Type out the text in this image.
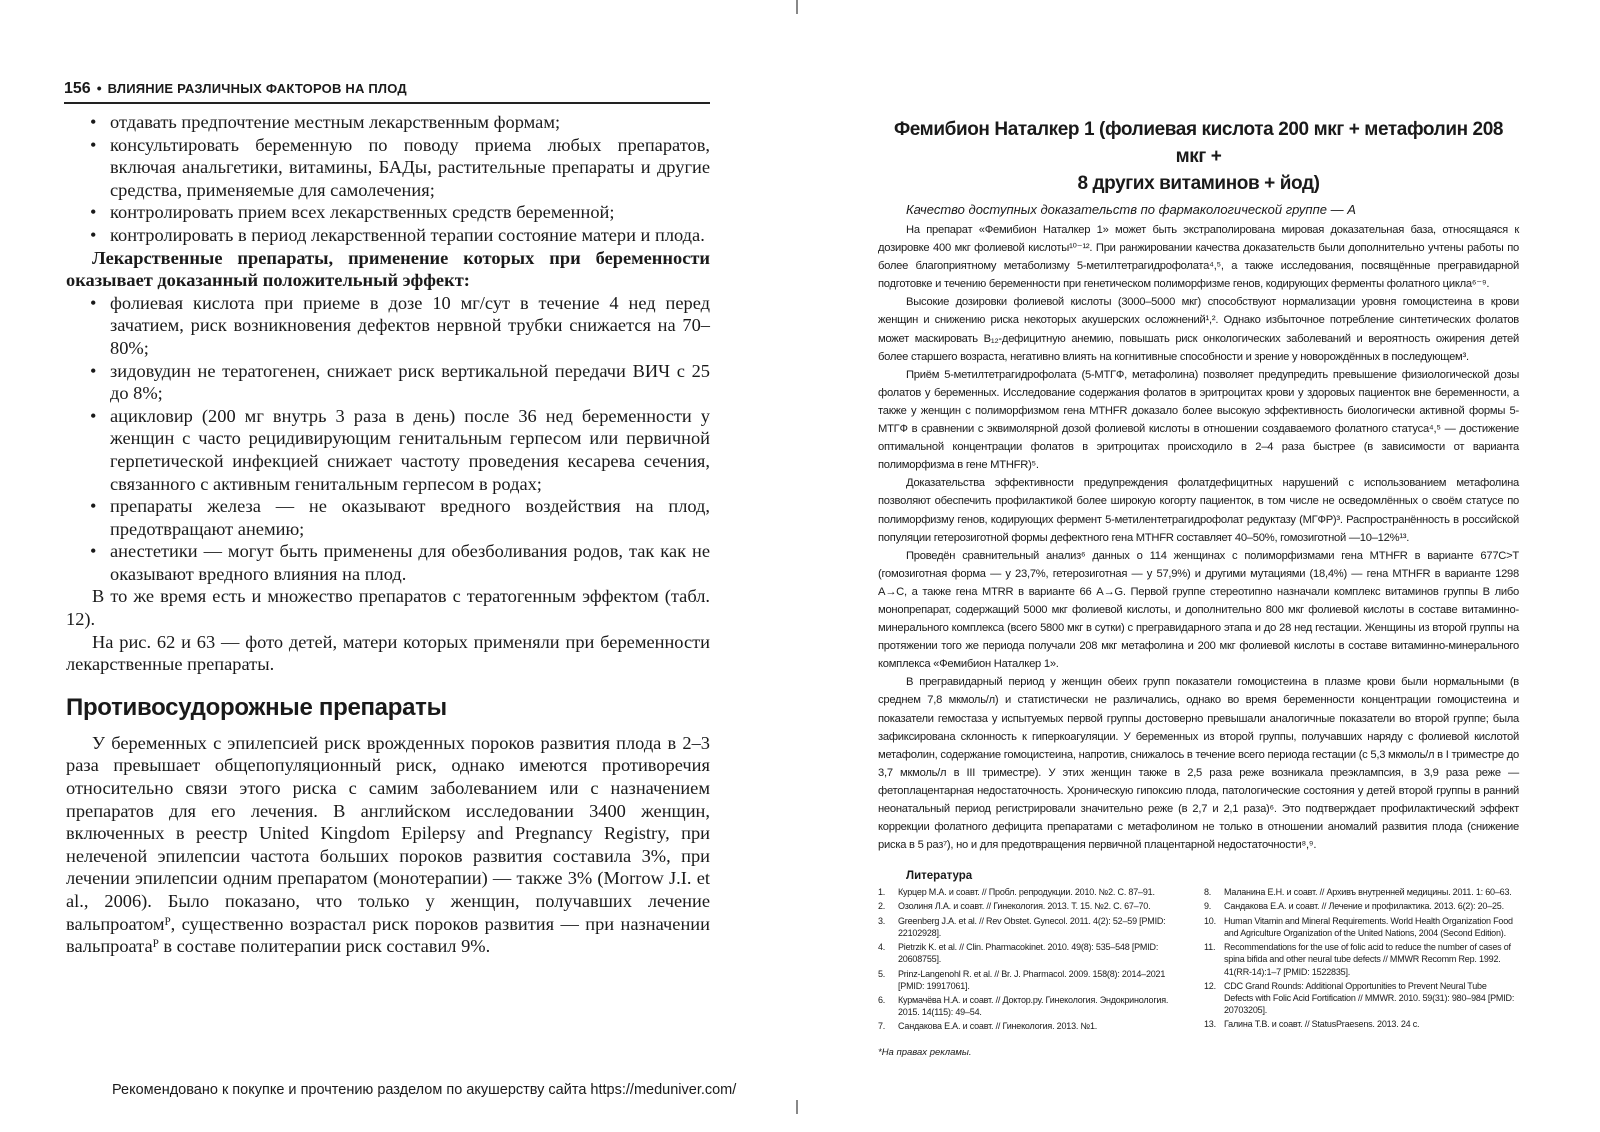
156 • ВЛИЯНИЕ РАЗЛИЧНЫХ ФАКТОРОВ НА ПЛОД
• отдавать предпочтение местным лекарственным формам;
• консультировать беременную по поводу приема любых препаратов, включая анальгетики, витамины, БАДы, растительные препараты и другие средства, применяемые для самолечения;
• контролировать прием всех лекарственных средств беременной;
• контролировать в период лекарственной терапии состояние матери и плода.

Лекарственные препараты, применение которых при беременности оказывает доказанный положительный эффект:

• фолиевая кислота при приеме в дозе 10 мг/сут в течение 4 нед перед зачатием, риск возникновения дефектов нервной трубки снижается на 70–80%;
• зидовудин не тератогенен, снижает риск вертикальной передачи ВИЧ с 25 до 8%;
• ацикловир (200 мг внутрь 3 раза в день) после 36 нед беременности у женщин с часто рецидивирующим генитальным герпесом или первичной герпетической инфекцией снижает частоту проведения кесарева сечения, связанного с активным генитальным герпесом в родах;
• препараты железа — не оказывают вредного воздействия на плод, предотвращают анемию;
• анестетики — могут быть применены для обезболивания родов, так как не оказывают вредного влияния на плод.

В то же время есть и множество препаратов с тератогенным эффектом (табл. 12).

На рис. 62 и 63 — фото детей, матери которых применяли при беременности лекарственные препараты.

Противосудорожные препараты

У беременных с эпилепсией риск врожденных пороков развития плода в 2–3 раза превышает общепопуляционный риск, однако имеются противоречия относительно связи этого риска с самим заболеванием или с назначением препаратов для его лечения. В английском исследовании 3400 женщин, включенных в реестр United Kingdom Epilepsy and Pregnancy Registry, при нелеченой эпилепсии частота больших пороков развития составила 3%, при лечении эпилепсии одним препаратом (монотерапии) — также 3% (Morrow J.I. et al., 2006). Было показано, что только у женщин, получавших лечение вальпроатомᴾ, существенно возрастал риск пороков развития — при назначении вальпроатаᴾ в составе политерапии риск составил 9%.

Рекомендовано к покупке и прочтению разделом по акушерству сайта https://meduniver.com/

Фемибион Наталкер 1 (фолиевая кислота 200 мкг + метафолин 208 мкг +
8 других витаминов + йод)

Качество доступных доказательств по фармакологической группе — А

На препарат «Фемибион Наталкер 1» может быть экстраполирована мировая доказательная база, относящаяся к дозировке 400 мкг фолиевой кислоты¹⁰⁻¹². При ранжировании качества доказательств были дополнительно учтены работы по более благоприятному метаболизму 5-метилтетрагидрофолата⁴,⁵, а также исследования, посвящённые прегравидарной подготовке и течению беременности при генетическом полиморфизме генов, кодирующих ферменты фолатного цикла⁶⁻⁹.

Высокие дозировки фолиевой кислоты (3000–5000 мкг) способствуют нормализации уровня гомоцистеина в крови женщин и снижению риска некоторых акушерских осложнений¹,². Однако избыточное потребление синтетических фолатов может маскировать B₁₂-дефицитную анемию, повышать риск онкологических заболеваний и вероятность ожирения детей более старшего возраста, негативно влиять на когнитивные способности и зрение у новорождённых в последующем³.

Приём 5-метилтетрагидрофолата (5-МТГФ, метафолина) позволяет предупредить превышение физиологической дозы фолатов у беременных. Исследование содержания фолатов в эритроцитах крови у здоровых пациенток вне беременности, а также у женщин с полиморфизмом гена MTHFR доказало более высокую эффективность биологически активной формы 5-МТГФ в сравнении с эквимолярной дозой фолиевой кислоты в отношении создаваемого фолатного статуса⁴,⁵ — достижение оптимальной концентрации фолатов в эритроцитах происходило в 2–4 раза быстрее (в зависимости от варианта полиморфизма в гене MTHFR)⁵.

Доказательства эффективности предупреждения фолатдефицитных нарушений с использованием метафолина позволяют обеспечить профилактикой более широкую когорту пациенток, в том числе не осведомлённых о своём статусе по полиморфизму генов, кодирующих фермент 5-метилентетрагидрофолат редуктазу (МГФР)³. Распространённость в российской популяции гетерозиготной формы дефектного гена MTHFR составляет 40–50%, гомозиготной —10–12%¹³.

Проведён сравнительный анализ⁶ данных о 114 женщинах с полиморфизмами гена MTHFR в варианте 677C>T (гомозиготная форма — у 23,7%, гетерозиготная — у 57,9%) и другими мутациями (18,4%) — гена MTHFR в варианте 1298 A→C, а также гена MTRR в варианте 66 A→G. Первой группе стереотипно назначали комплекс витаминов группы B либо монопрепарат, содержащий 5000 мкг фолиевой кислоты, и дополнительно 800 мкг фолиевой кислоты в составе витаминно-минерального комплекса (всего 5800 мкг в сутки) с прегравидарного этапа и до 28 нед гестации. Женщины из второй группы на протяжении того же периода получали 208 мкг метафолина и 200 мкг фолиевой кислоты в составе витаминно-минерального комплекса «Фемибион Наталкер 1».

В прегравидарный период у женщин обеих групп показатели гомоцистеина в плазме крови были нормальными (в среднем 7,8 мкмоль/л) и статистически не различались, однако во время беременности концентрации гомоцистеина и показатели гемостаза у испытуемых первой группы достоверно превышали аналогичные показатели во второй группе; была зафиксирована склонность к гиперкоагуляции. У беременных из второй группы, получавших наряду с фолиевой кислотой метафолин, содержание гомоцистеина, напротив, снижалось в течение всего периода гестации (с 5,3 мкмоль/л в I триместре до 3,7 мкмоль/л в III триместре). У этих женщин также в 2,5 раза реже возникала преэклампсия, в 3,9 раза реже — фетоплацентарная недостаточность. Хроническую гипоксию плода, патологические состояния у детей второй группы в ранний неонатальный период регистрировали значительно реже (в 2,7 и 2,1 раза)⁶. Это подтверждает профилактический эффект коррекции фолатного дефицита препаратами с метафолином не только в отношении аномалий развития плода (снижение риска в 5 раз⁷), но и для предотвращения первичной плацентарной недостаточности⁸,⁹.

Литература

1.	Курцер М.А. и соавт. // Пробл. репродукции. 2010. №2. С. 87–91.
2.	Озолиня Л.А. и соавт. // Гинекология. 2013. Т. 15. №2. С. 67–70.
3.	Greenberg J.A. et al. // Rev Obstet. Gynecol. 2011. 4(2): 52–59 [PMID: 22102928].
4.	Pietrzik K. et al. // Clin. Pharmacokinet. 2010. 49(8): 535–548 [PMID: 20608755].
5.	Prinz-Langenohl R. et al. // Br. J. Pharmacol. 2009. 158(8): 2014–2021 [PMID: 19917061].
6.	Курмачёва Н.А. и соавт. // Доктор.ру. Гинекология. Эндокринология. 2015. 14(115): 49–54.
7.	Сандакова Е.А. и соавт. // Гинекология. 2013. №1.
8.	Маланина Е.Н. и соавт. // Архивъ внутренней медицины. 2011. 1: 60–63.
9.	Сандакова Е.А. и соавт. // Лечение и профилактика. 2013. 6(2): 20–25.
10. Human Vitamin and Mineral Requirements. World Health Organization Food and Agriculture Organization of the United Nations, 2004 (Second Edition).
11. Recommendations for the use of folic acid to reduce the number of cases of spina bifida and other neural tube defects // MMWR Recomm Rep. 1992. 41(RR-14):1–7 [PMID: 1522835].
12. CDC Grand Rounds: Additional Opportunities to Prevent Neural Tube Defects with Folic Acid Fortification // MMWR. 2010. 59(31): 980–984 [PMID: 20703205].
13. Галина Т.В. и соавт. // StatusPraesens. 2013. 24 с.

*На правах рекламы.
